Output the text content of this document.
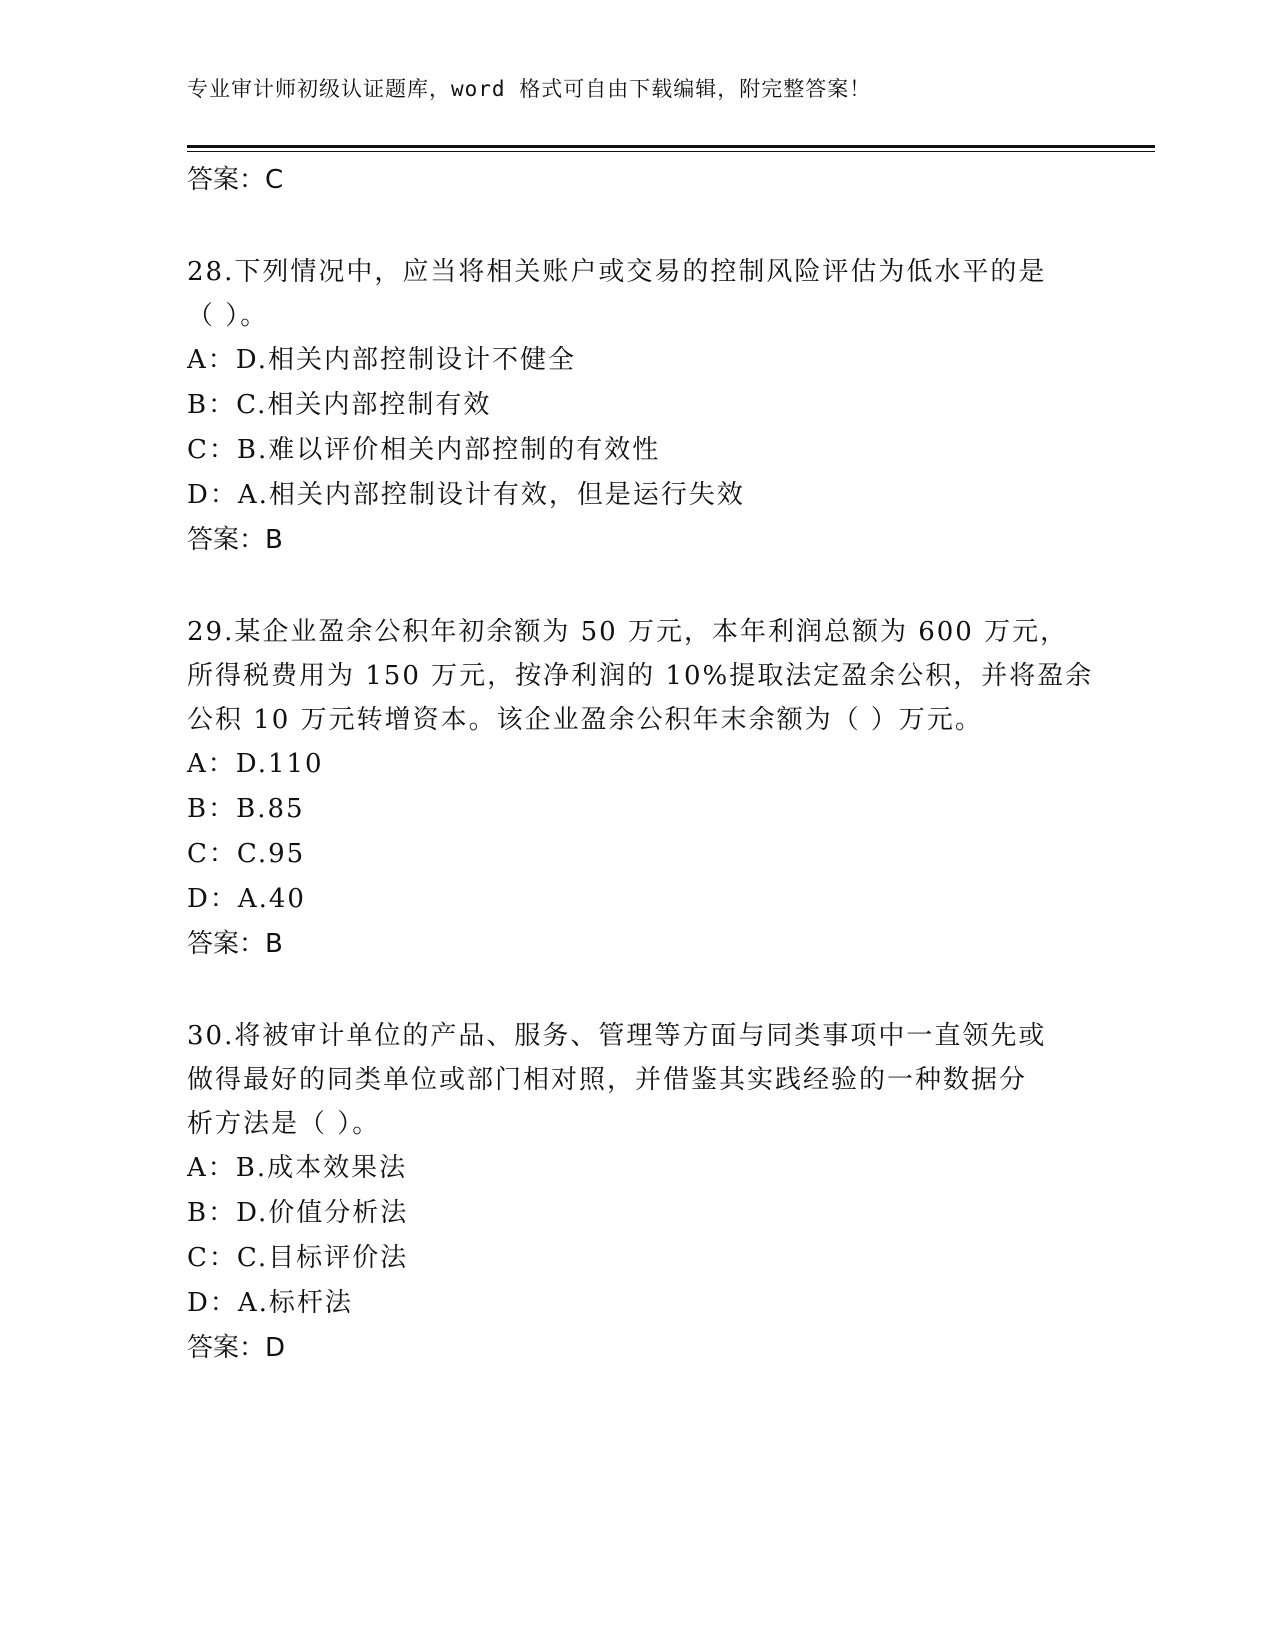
专业审计师初级认证题库，word 格式可自由下载编辑，附完整答案！
答案：C
28.下列情况中，应当将相关账户或交易的控制风险评估为低水平的是
（ ）。
A：D.相关内部控制设计不健全
B：C.相关内部控制有效
C：B.难以评价相关内部控制的有效性
D：A.相关内部控制设计有效，但是运行失效
答案：B
29.某企业盈余公积年初余额为 50 万元，本年利润总额为 600 万元，
所得税费用为 150 万元，按净利润的 10%提取法定盈余公积，并将盈余
公积 10 万元转增资本。该企业盈余公积年末余额为（ ）万元。
A：D.110
B：B.85
C：C.95
D：A.40
答案：B
30.将被审计单位的产品、服务、管理等方面与同类事项中一直领先或
做得最好的同类单位或部门相对照，并借鉴其实践经验的一种数据分
析方法是（ ）。
A：B.成本效果法
B：D.价值分析法
C：C.目标评价法
D：A.标杆法
答案：D
